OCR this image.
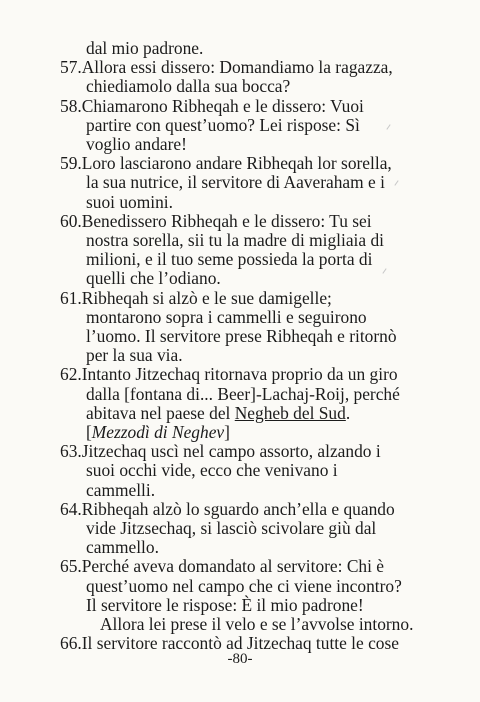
dal mio padrone.
57.Allora essi dissero: Domandiamo la ragazza,
chiediamolo dalla sua bocca?
58.Chiamarono Ribheqah e le dissero: Vuoi
partire con quest’uomo? Lei rispose: Sì
voglio andare!
59.Loro lasciarono andare Ribheqah lor sorella,
la sua nutrice, il servitore di Aaveraham e i
suoi uomini.
60.Benedissero Ribheqah e le dissero: Tu sei
nostra sorella, sii tu la madre di migliaia di
milioni, e il tuo seme possieda la porta di
quelli che l’odiano.
61.Ribheqah si alzò e le sue damigelle;
montarono sopra i cammelli e seguirono
l’uomo. Il servitore prese Ribheqah e ritornò
per la sua via.
62.Intanto Jitzechaq ritornava proprio da un giro
dalla [fontana di... Beer]-Lachaj-Roij, perché
abitava nel paese del Negheb del Sud.
[Mezzodì di Neghev]
63.Jitzechaq uscì nel campo assorto, alzando i
suoi occhi vide, ecco che venivano i
cammelli.
64.Ribheqah alzò lo sguardo anch’ella e quando
vide Jitzsechaq, si lasciò scivolare giù dal
cammello.
65.Perché aveva domandato al servitore: Chi è
quest’uomo nel campo che ci viene incontro?
Il servitore le rispose: È il mio padrone!
Allora lei prese il velo e se l’avvolse intorno.
66.Il servitore raccontò ad Jitzechaq tutte le cose
-80-
